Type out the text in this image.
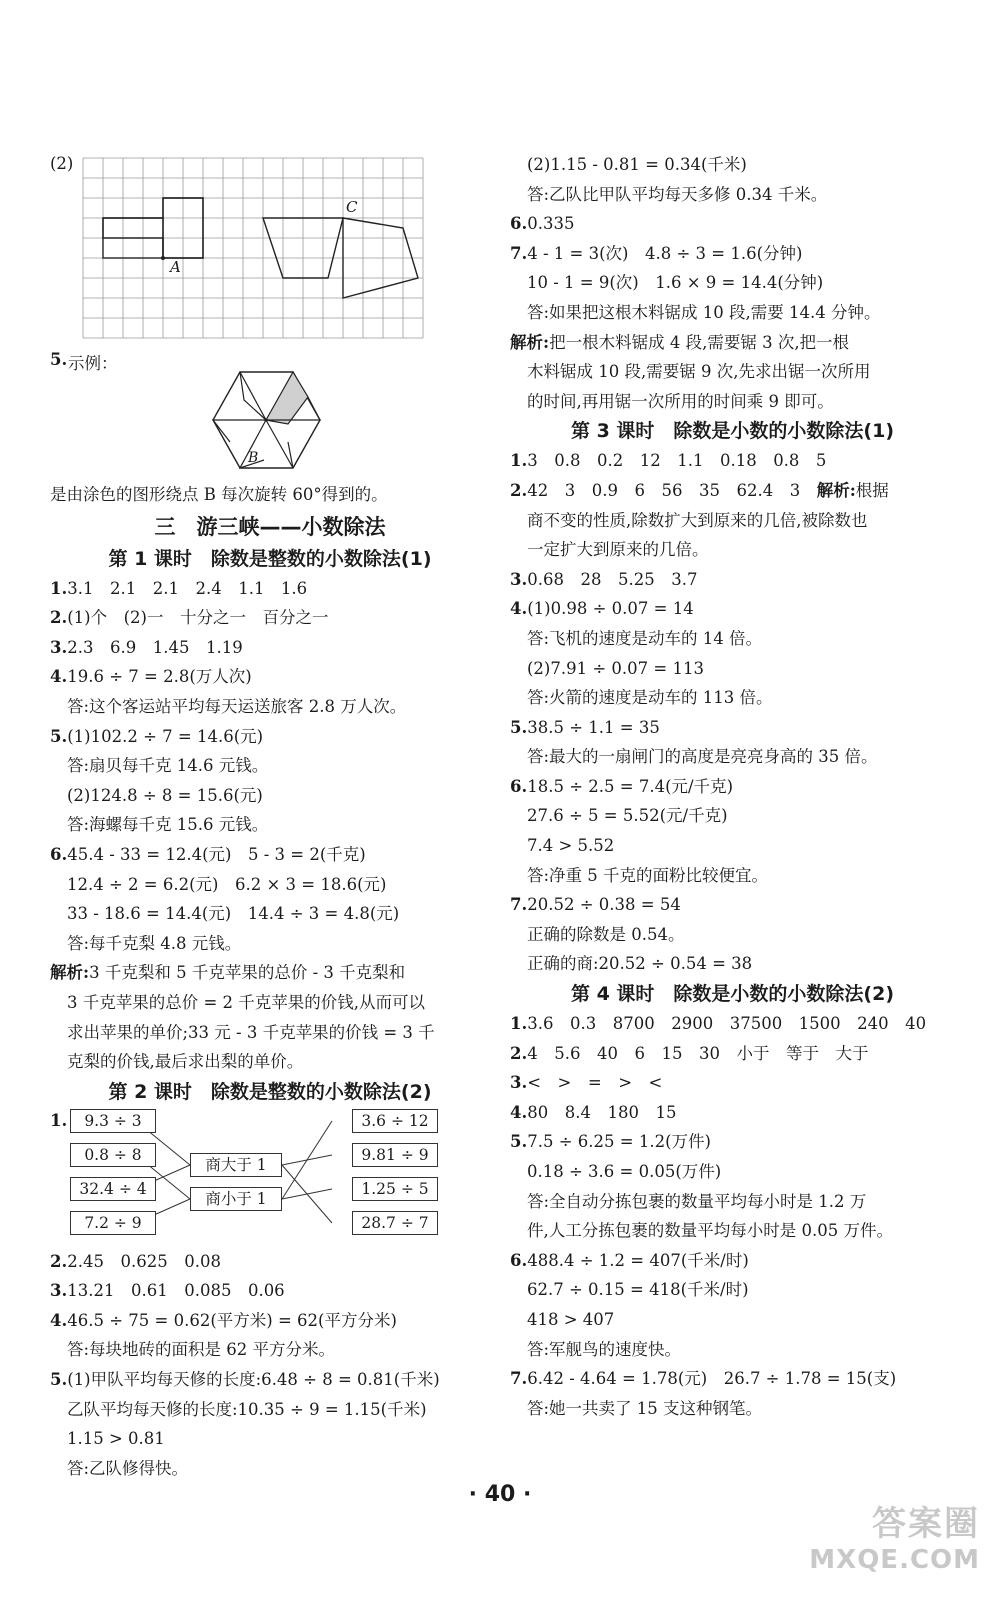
(2)
A
C
5. 示例：
B
是由涂色的图形绕点 B 每次旋转 60°得到的。
三　游三峡——小数除法
第 1 课时　除数是整数的小数除法(1)
1.3.1　2.1　2.1　2.4　1.1　1.6
2.(1)个　(2)一　十分之一　百分之一
3.2.3　6.9　1.45　1.19
4.19.6 ÷ 7 = 2.8(万人次)
答:这个客运站平均每天运送旅客 2.8 万人次。
5.(1)102.2 ÷ 7 = 14.6(元)
答:扇贝每千克 14.6 元钱。
(2)124.8 ÷ 8 = 15.6(元)
答:海螺每千克 15.6 元钱。
6.45.4 - 33 = 12.4(元)　5 - 3 = 2(千克)
12.4 ÷ 2 = 6.2(元)　6.2 × 3 = 18.6(元)
33 - 18.6 = 14.4(元)　14.4 ÷ 3 = 4.8(元)
答:每千克梨 4.8 元钱。
解析:3 千克梨和 5 千克苹果的总价 - 3 千克梨和
3 千克苹果的总价 = 2 千克苹果的价钱,从而可以
求出苹果的单价;33 元 - 3 千克苹果的价钱 = 3 千
克梨的价钱,最后求出梨的单价。
第 2 课时　除数是整数的小数除法(2)
1.	9.3 ÷ 3
0.8 ÷ 8
32.4 ÷ 4
7.2 ÷ 9
商大于 1
商小于 1
3.6 ÷ 12
9.81 ÷ 9
1.25 ÷ 5
28.7 ÷ 7
2.2.45　0.625　0.08
3.13.21　0.61　0.085　0.06
4.46.5 ÷ 75 = 0.62(平方米) = 62(平方分米)
答:每块地砖的面积是 62 平方分米。
5.(1)甲队平均每天修的长度:6.48 ÷ 8 = 0.81(千米)
乙队平均每天修的长度:10.35 ÷ 9 = 1.15(千米)
1.15 > 0.81
答:乙队修得快。
(2)1.15 - 0.81 = 0.34(千米)
答:乙队比甲队平均每天多修 0.34 千米。
6.0.335
7.4 - 1 = 3(次)　4.8 ÷ 3 = 1.6(分钟)
10 - 1 = 9(次)　1.6 × 9 = 14.4(分钟)
答:如果把这根木料锯成 10 段,需要 14.4 分钟。
解析:把一根木料锯成 4 段,需要锯 3 次,把一根
木料锯成 10 段,需要锯 9 次,先求出锯一次所用
的时间,再用锯一次所用的时间乘 9 即可。
第 3 课时　除数是小数的小数除法(1)
1.3　0.8　0.2　12　1.1　0.18　0.8　5
2.42　3　0.9　6　56　35　62.4　3　解析:根据
商不变的性质,除数扩大到原来的几倍,被除数也
一定扩大到原来的几倍。
3.0.68　28　5.25　3.7
4.(1)0.98 ÷ 0.07 = 14
答:飞机的速度是动车的 14 倍。
(2)7.91 ÷ 0.07 = 113
答:火箭的速度是动车的 113 倍。
5.38.5 ÷ 1.1 = 35
答:最大的一扇闸门的高度是亮亮身高的 35 倍。
6.18.5 ÷ 2.5 = 7.4(元/千克)
27.6 ÷ 5 = 5.52(元/千克)
7.4 > 5.52
答:净重 5 千克的面粉比较便宜。
7.20.52 ÷ 0.38 = 54
正确的除数是 0.54。
正确的商:20.52 ÷ 0.54 = 38
第 4 课时　除数是小数的小数除法(2)
1.3.6　0.3　8700　2900　37500　1500　240　40
2.4　5.6　40　6　15　30　小于　等于　大于
3.<　>　=　>　<
4.80　8.4　180　15
5.7.5 ÷ 6.25 = 1.2(万件)
0.18 ÷ 3.6 = 0.05(万件)
答:全自动分拣包裹的数量平均每小时是 1.2 万
件,人工分拣包裹的数量平均每小时是 0.05 万件。
6.488.4 ÷ 1.2 = 407(千米/时)
62.7 ÷ 0.15 = 418(千米/时)
418 > 407
答:军舰鸟的速度快。
7.6.42 - 4.64 = 1.78(元)　26.7 ÷ 1.78 = 15(支)
答:她一共卖了 15 支这种钢笔。
· 40 ·
答案圈
MXQE.COM
